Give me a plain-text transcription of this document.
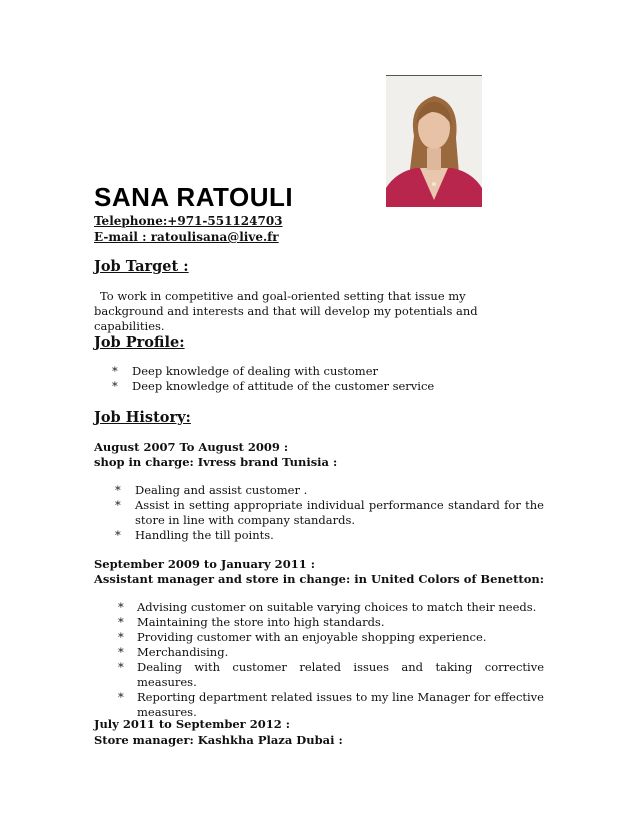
SANA RATOULI
Telephone:+971-551124703
E-mail : ratoulisana@live.fr
Job Target :

To work in competitive and goal-oriented setting that issue my background and interests and that will develop my potentials and capabilities.

Job Profile:
* Deep knowledge of dealing with customer
* Deep knowledge of attitude of the customer service
Job History:
August 2007 To August 2009 :
shop in charge: Ivress brand Tunisia :
* Dealing and assist customer .
* Assist in setting appropriate individual performance standard for the store in line with company standards.
* Handling the till points.
September 2009 to January 2011 :
Assistant manager and store in change: in United Colors of Benetton:
* Advising customer on suitable varying choices to match their needs.
* Maintaining the store into high standards.
* Providing customer with an enjoyable shopping experience.
* Merchandising.
* Dealing with customer related issues and taking corrective measures.
* Reporting department related issues to my line Manager for effective measures.
July 2011 to September 2012 :
Store manager: Kashkha Plaza Dubai :
